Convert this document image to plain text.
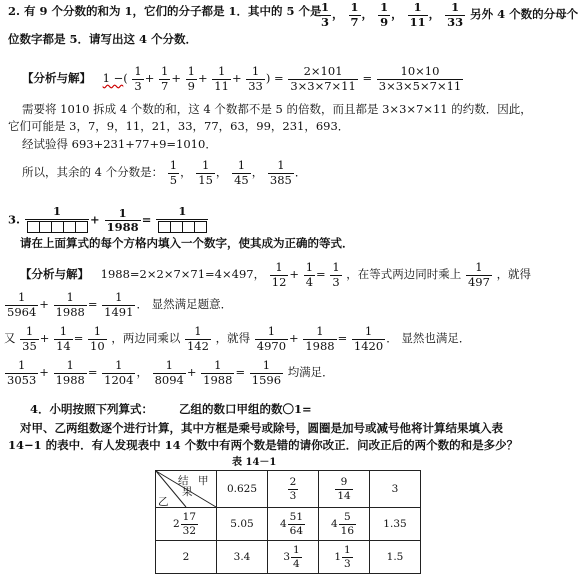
2. 有 9 个分数的和为 1，它们的分子都是 1．其中的 5 个是
$\frac{1}{3}$ ， $\frac{1}{7}$ ， $\frac{1}{9}$ ， $\frac{1}{11}$ ， $\frac{1}{33}$ 另外 4 个数的分母个
位数字都是 5．请写出这 4 个分数．
【分析与解】 1 −( $\frac{1}{3} + \frac{1}{7} + \frac{1}{9} + \frac{1}{11} + \frac{1}{33}$ ) = $\frac{2\times 101}{3\times 3\times 7\times 11} = \frac{10\times 10}{3\times 3\times 5\times 7\times 11}$
需要将 1010 拆成 4 个数的和，这 4 个数都不是 5 的倍数，而且都是 3×3×7×11 的约数．因此，
它们可能是 3，7，9，11，21，33，77，63，99，231，693．
经试验得 693+231+77+9=1010．
所以，其余的 4 个分数是： $\frac{1}{5}$ ， $\frac{1}{15}$ ， $\frac{1}{45}$ ， $\frac{1}{385}$ ．
3.
1
+ $\frac{1}{1988}$ =
1
请在上面算式的每个方格内填入一个数字，使其成为正确的等式．
【分析与解】 1988=2×2×7×71=4×497， $\frac{1}{12} + \frac{1}{4} = \frac{1}{3}$ ，在等式两边同时乘上 $\frac{1}{497}$ ，就得
$\frac{1}{5964} + \frac{1}{1988} = \frac{1}{1491}$ ． 显然满足题意．
又 $\frac{1}{35} + \frac{1}{14} = \frac{1}{10}$ ，两边同乘以 $\frac{1}{142}$ ，就得 $\frac{1}{4970} + \frac{1}{1988} = \frac{1}{1420}$ ． 显然也满足．
$\frac{1}{3053} + \frac{1}{1988} = \frac{1}{1204}$ ， $\frac{1}{8094} + \frac{1}{1988} = \frac{1}{1596}$ 均满足．
4．小明按照下列算式： 乙组的数口甲组的数〇1=
对甲、乙两组数逐个进行计算，其中方框是乘号或除号，圆圈是加号或减号他将计算结果填入表
14−1 的表中．有人发现表中 14 个数中有两个数是错的请你改正．问改正后的两个数的和是多少？
表 14－1
结 甲
果
乙	0.625	$\frac{2}{3}$	$\frac{9}{14}$	3
$2 \frac{17}{32}$	5.05	$4 \frac{51}{64}$	$4 \frac{5}{16}$	1.35
2	3.4	$3 \frac{1}{4}$	$1 \frac{1}{3}$	1.5
